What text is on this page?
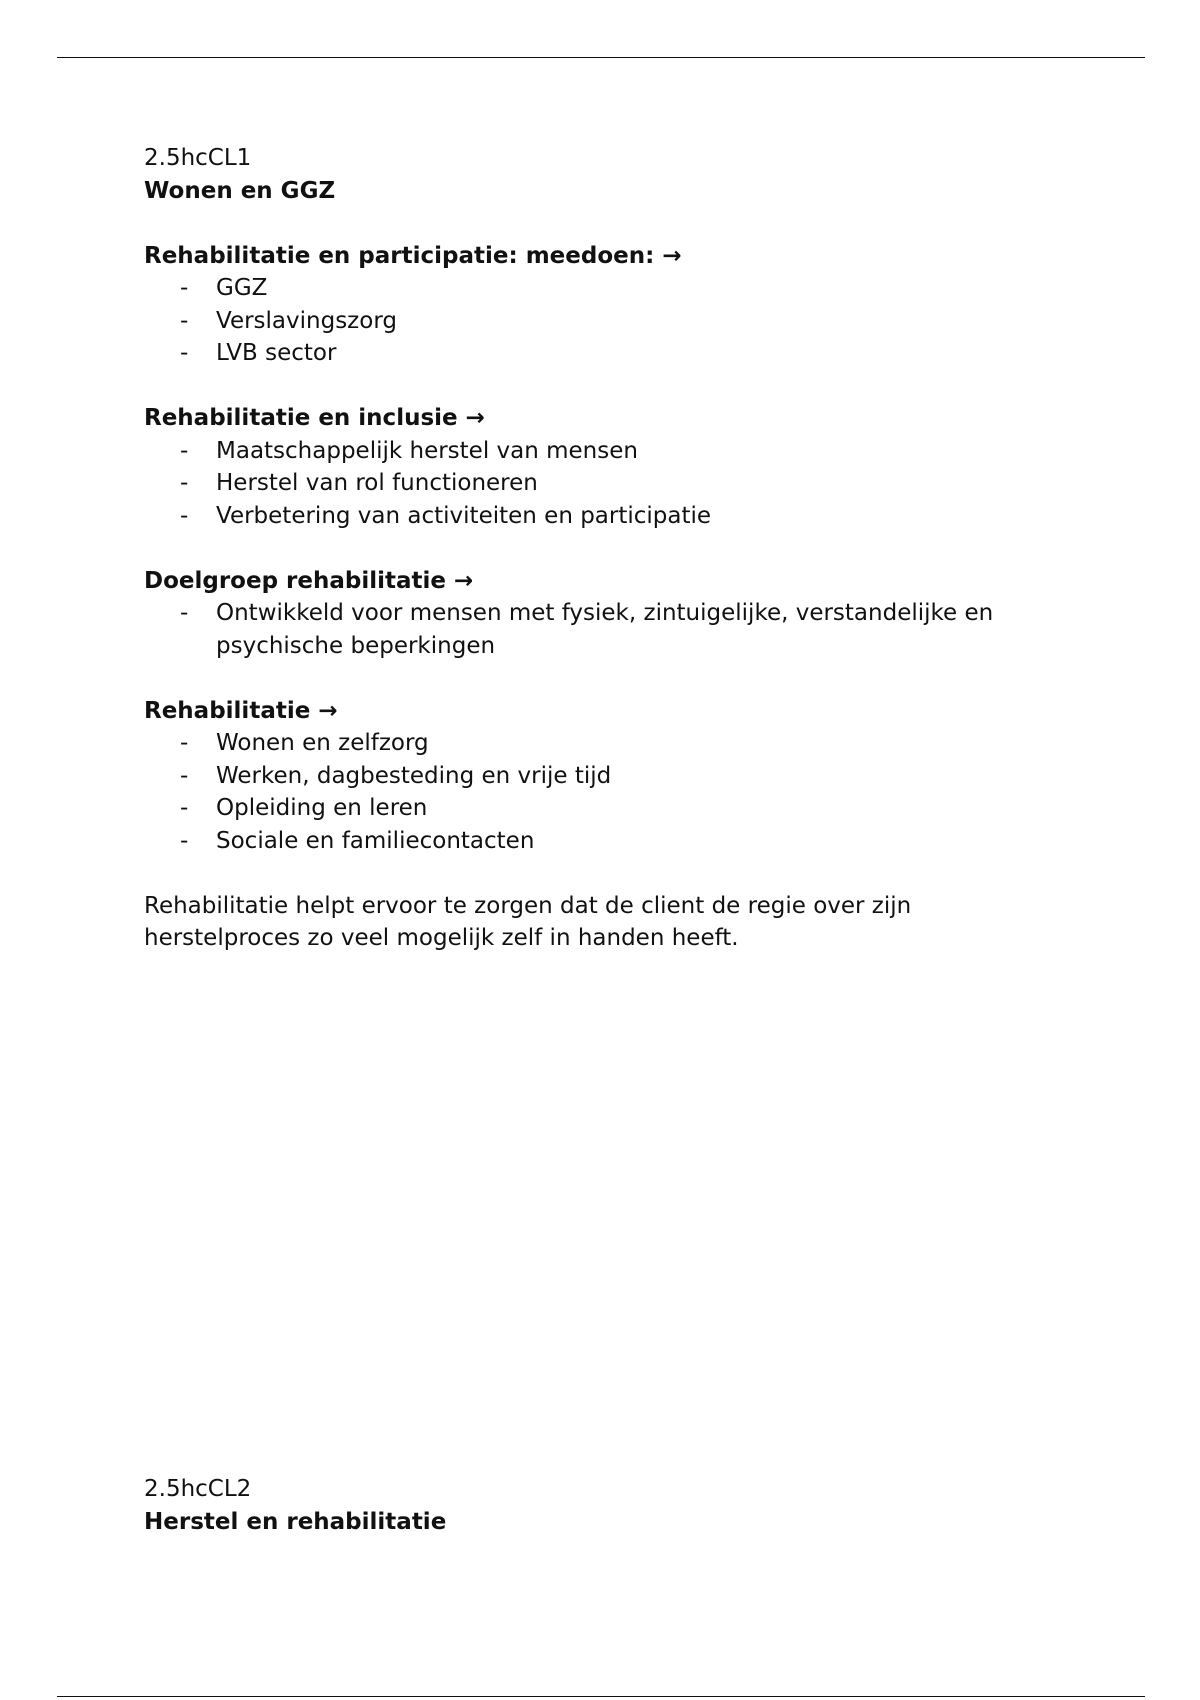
2.5hcCL1

Wonen en GGZ

Rehabilitatie en participatie: meedoen: →

- GGZ
- Verslavingszorg
- LVB sector

Rehabilitatie en inclusie →

- Maatschappelijk herstel van mensen
- Herstel van rol functioneren
- Verbetering van activiteiten en participatie

Doelgroep rehabilitatie →

- Ontwikkeld voor mensen met fysiek, zintuigelijke, verstandelijke en
psychische beperkingen

Rehabilitatie →

- Wonen en zelfzorg
- Werken, dagbesteding en vrije tijd
- Opleiding en leren
- Sociale en familiecontacten

Rehabilitatie helpt ervoor te zorgen dat de client de regie over zijn

herstelproces zo veel mogelijk zelf in handen heeft.

2.5hcCL2

Herstel en rehabilitatie
